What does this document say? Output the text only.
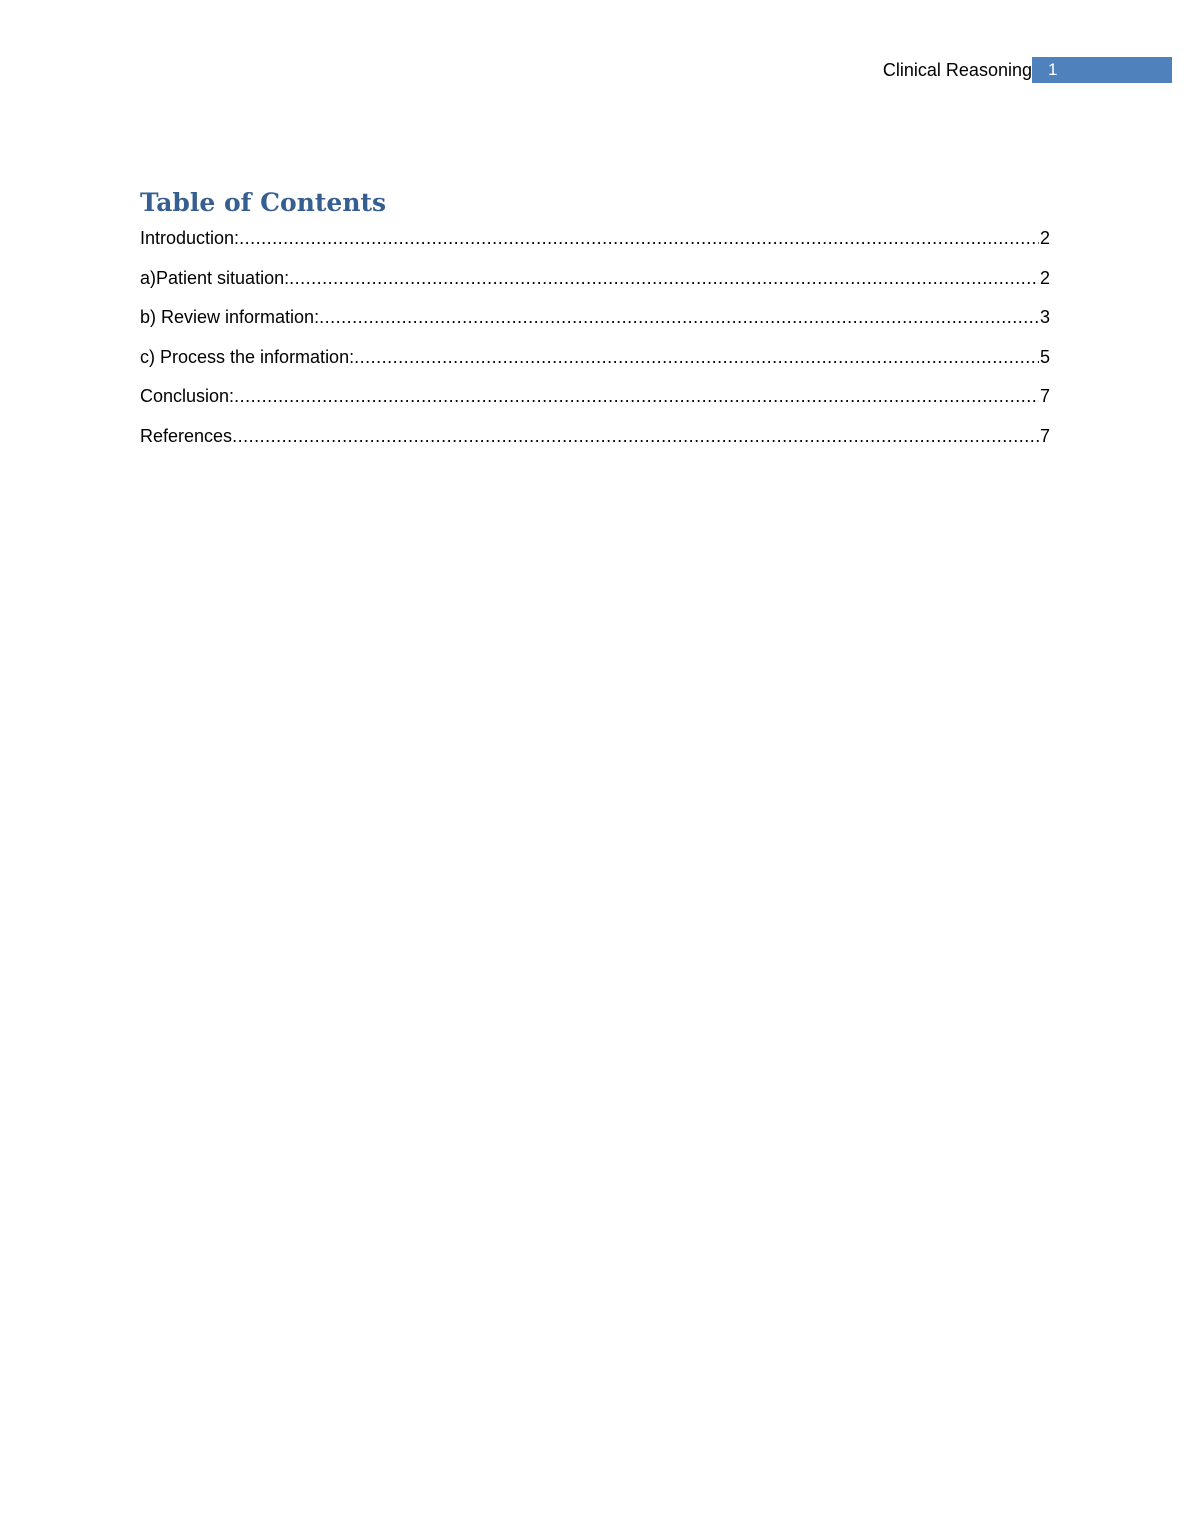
Clinical Reasoning 1
Table of Contents
Introduction: .....	2
a)Patient situation: .....	2
b) Review information: .....	3
c) Process the information: .....	5
Conclusion: .....	7
References .....	7
